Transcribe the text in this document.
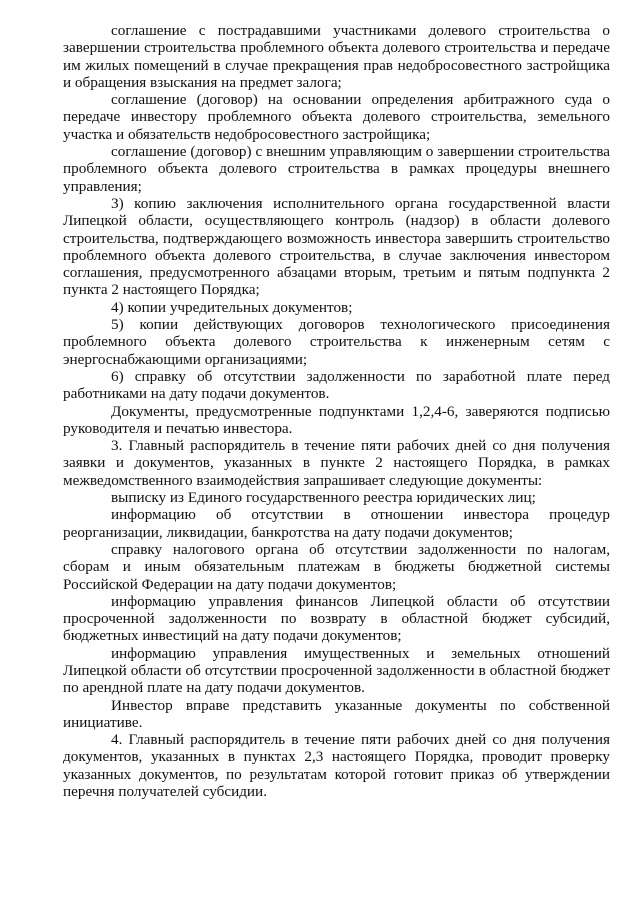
соглашение с пострадавшими участниками долевого строительства о завершении строительства проблемного объекта долевого строительства и передаче им жилых помещений в случае прекращения прав недобросовестного застройщика и обращения взыскания на предмет залога;

соглашение (договор) на основании определения арбитражного суда о передаче инвестору проблемного объекта долевого строительства, земельного участка и обязательств недобросовестного застройщика;

соглашение (договор) с внешним управляющим о завершении строительства проблемного объекта долевого строительства в рамках процедуры внешнего управления;

3) копию заключения исполнительного органа государственной власти Липецкой области, осуществляющего контроль (надзор) в области долевого строительства, подтверждающего возможность инвестора завершить строительство проблемного объекта долевого строительства, в случае заключения инвестором соглашения, предусмотренного абзацами вторым, третьим и пятым подпункта 2 пункта 2 настоящего Порядка;

4) копии учредительных документов;

5) копии действующих договоров технологического присоединения проблемного объекта долевого строительства к инженерным сетям с энергоснабжающими организациями;

6) справку об отсутствии задолженности по заработной плате перед работниками на дату подачи документов.

Документы, предусмотренные подпунктами 1,2,4-6, заверяются подписью руководителя и печатью инвестора.

3. Главный распорядитель в течение пяти рабочих дней со дня получения заявки и документов, указанных в пункте 2 настоящего Порядка, в рамках межведомственного взаимодействия запрашивает следующие документы:

выписку из Единого государственного реестра юридических лиц;

информацию об отсутствии в отношении инвестора процедур реорганизации, ликвидации, банкротства на дату подачи документов;

справку налогового органа об отсутствии задолженности по налогам, сборам и иным обязательным платежам в бюджеты бюджетной системы Российской Федерации на дату подачи документов;

информацию управления финансов Липецкой области об отсутствии просроченной задолженности по возврату в областной бюджет субсидий, бюджетных инвестиций на дату подачи документов;

информацию управления имущественных и земельных отношений Липецкой области об отсутствии просроченной задолженности в областной бюджет по арендной плате на дату подачи документов.

Инвестор вправе представить указанные документы по собственной инициативе.

4. Главный распорядитель в течение пяти рабочих дней со дня получения документов, указанных в пунктах 2,3 настоящего Порядка, проводит проверку указанных документов, по результатам которой готовит приказ об утверждении перечня получателей субсидии.
